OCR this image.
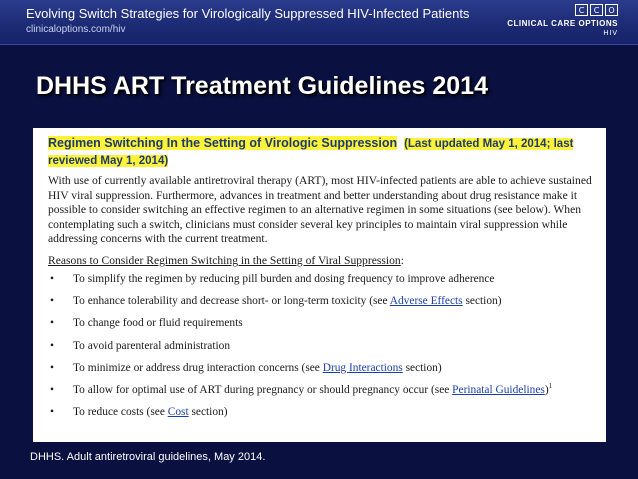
Evolving Switch Strategies for Virologically Suppressed HIV-Infected Patients
clinicaloptions.com/hiv
C	C	O
CLINICAL CARE OPTIONS
HIV
DHHS ART Treatment Guidelines 2014
Regimen Switching In the Setting of Virologic Suppression (Last updated May 1, 2014; last reviewed May 1, 2014)
With use of currently available antiretroviral therapy (ART), most HIV-infected patients are able to achieve sustained HIV viral suppression. Furthermore, advances in treatment and better understanding about drug resistance make it possible to consider switching an effective regimen to an alternative regimen in some situations (see below). When contemplating such a switch, clinicians must consider several key principles to maintain viral suppression while addressing concerns with the current treatment.
Reasons to Consider Regimen Switching in the Setting of Viral Suppression:
• To simplify the regimen by reducing pill burden and dosing frequency to improve adherence
• To enhance tolerability and decrease short- or long-term toxicity (see Adverse Effects section)
• To change food or fluid requirements
• To avoid parenteral administration
• To minimize or address drug interaction concerns (see Drug Interactions section)
• To allow for optimal use of ART during pregnancy or should pregnancy occur (see Perinatal Guidelines)$^1$
• To reduce costs (see Cost section)
DHHS. Adult antiretroviral guidelines, May 2014.
